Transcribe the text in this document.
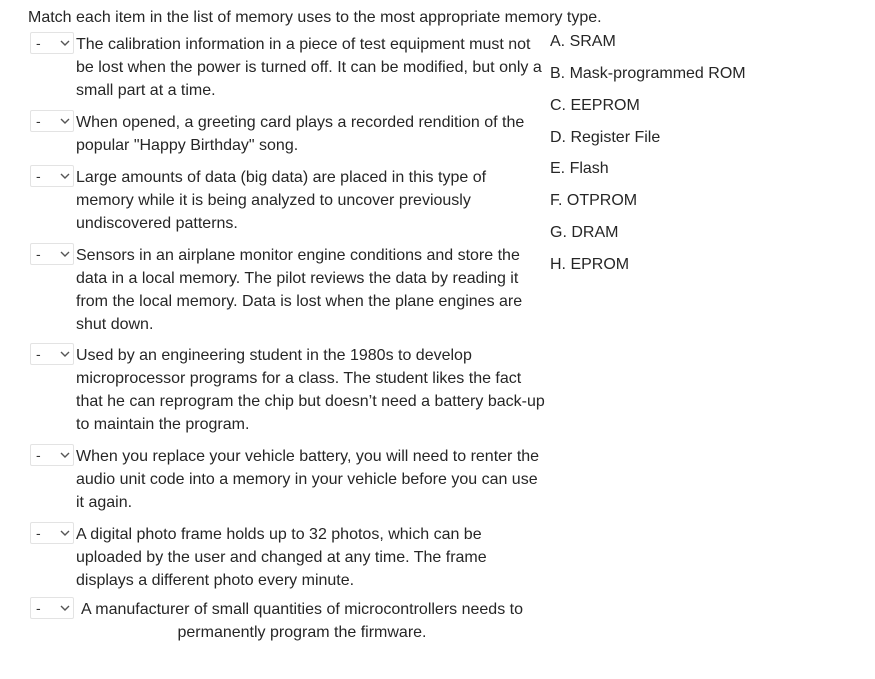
Match each item in the list of memory uses to the most appropriate memory type.
- The calibration information in a piece of test equipment must not be lost when the power is turned off. It can be modified, but only a small part at a time.
- When opened, a greeting card plays a recorded rendition of the popular "Happy Birthday" song.
- Large amounts of data (big data) are placed in this type of memory while it is being analyzed to uncover previously undiscovered patterns.
- Sensors in an airplane monitor engine conditions and store the data in a local memory. The pilot reviews the data by reading it from the local memory. Data is lost when the plane engines are shut down.
- Used by an engineering student in the 1980s to develop microprocessor programs for a class. The student likes the fact that he can reprogram the chip but doesn’t need a battery back-up to maintain the program.
- When you replace your vehicle battery, you will need to renter the audio unit code into a memory in your vehicle before you can use it again.
- A digital photo frame holds up to 32 photos, which can be uploaded by the user and changed at any time. The frame displays a different photo every minute.
-	A manufacturer of small quantities of microcontrollers needs to permanently program the firmware.
A. SRAM
B. Mask-programmed ROM
C. EEPROM
D. Register File
E. Flash
F. OTPROM
G. DRAM
H. EPROM
